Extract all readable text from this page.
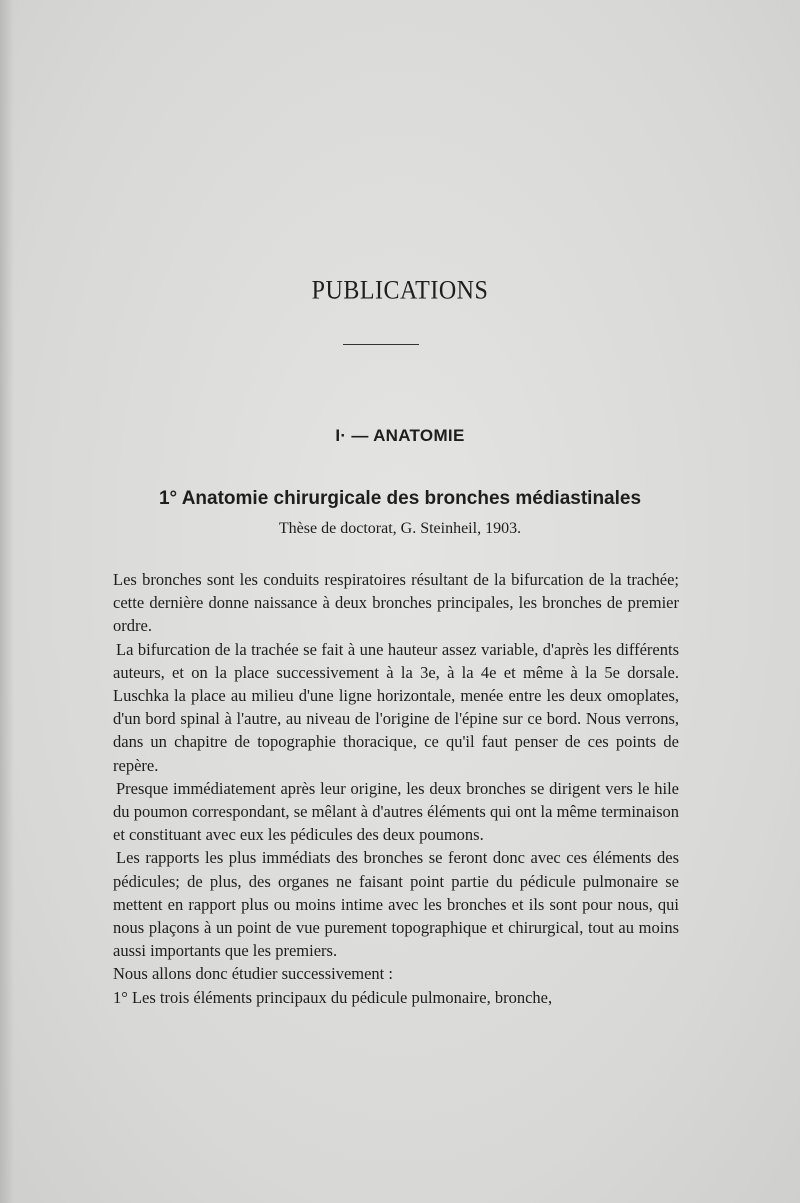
PUBLICATIONS
I· — ANATOMIE
1° Anatomie chirurgicale des bronches médiastinales
Thèse de doctorat, G. Steinheil, 1903.

Les bronches sont les conduits respiratoires résultant de la bifurcation de la trachée; cette dernière donne naissance à deux bronches principales, les bronches de premier ordre.

La bifurcation de la trachée se fait à une hauteur assez variable, d'après les différents auteurs, et on la place successivement à la 3e, à la 4e et même à la 5e dorsale. Luschka la place au milieu d'une ligne horizontale, menée entre les deux omoplates, d'un bord spinal à l'autre, au niveau de l'origine de l'épine sur ce bord. Nous verrons, dans un chapitre de topographie thoracique, ce qu'il faut penser de ces points de repère.

Presque immédiatement après leur origine, les deux bronches se dirigent vers le hile du poumon correspondant, se mêlant à d'autres éléments qui ont la même terminaison et constituant avec eux les pédicules des deux poumons.

Les rapports les plus immédiats des bronches se feront donc avec ces éléments des pédicules; de plus, des organes ne faisant point partie du pédicule pulmonaire se mettent en rapport plus ou moins intime avec les bronches et ils sont pour nous, qui nous plaçons à un point de vue purement topographique et chirurgical, tout au moins aussi importants que les premiers.

Nous allons donc étudier successivement :

1° Les trois éléments principaux du pédicule pulmonaire, bronche,
